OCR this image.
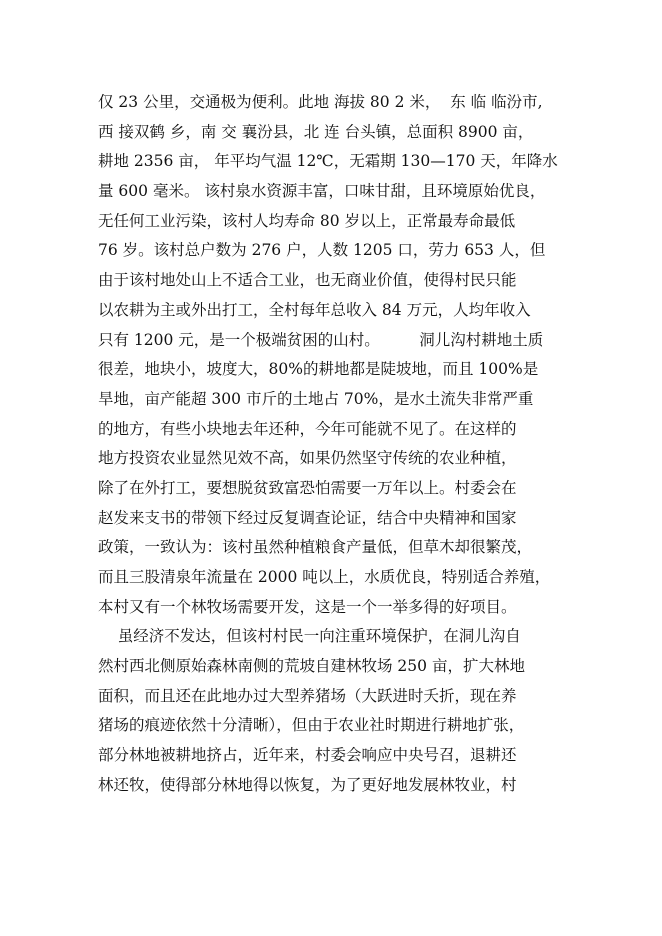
仅 23 公里，交通极为便利。此地 海拔 80 2 米，  东 临 临汾市,
西 接双鹤 乡，南 交 襄汾县，北 连 台头镇，总面积 8900 亩，
耕地 2356 亩， 年平均气温 12℃，无霜期 130—170 天，年降水
量 600 毫米。 该村泉水资源丰富，口味甘甜，且环境原始优良，
无任何工业污染，该村人均寿命 80 岁以上，正常最寿命最低
76 岁。该村总户数为 276 户，人数 1205 口，劳力 653 人，但
由于该村地处山上不适合工业，也无商业价值，使得村民只能
以农耕为主或外出打工，全村每年总收入 84 万元，人均年收入
只有 1200 元，是一个极端贫困的山村。        洞儿沟村耕地土质
很差，地块小，坡度大，80%的耕地都是陡坡地，而且 100%是
旱地，亩产能超 300 市斤的土地占 70%，是水土流失非常严重
的地方，有些小块地去年还种，今年可能就不见了。在这样的
地方投资农业显然见效不高，如果仍然坚守传统的农业种植，
除了在外打工，要想脱贫致富恐怕需要一万年以上。村委会在
赵发来支书的带领下经过反复调查论证，结合中央精神和国家
政策，一致认为：该村虽然种植粮食产量低，但草木却很繁茂，
而且三股清泉年流量在 2000 吨以上，水质优良，特别适合养殖，
本村又有一个林牧场需要开发，这是一个一举多得的好项目。
虽经济不发达，但该村村民一向注重环境保护，在洞儿沟自
然村西北侧原始森林南侧的荒坡自建林牧场 250 亩，扩大林地
面积，而且还在此地办过大型养猪场（大跃进时夭折，现在养
猪场的痕迹依然十分清晰），但由于农业社时期进行耕地扩张，
部分林地被耕地挤占，近年来，村委会响应中央号召，退耕还
林还牧，使得部分林地得以恢复，为了更好地发展林牧业，村
